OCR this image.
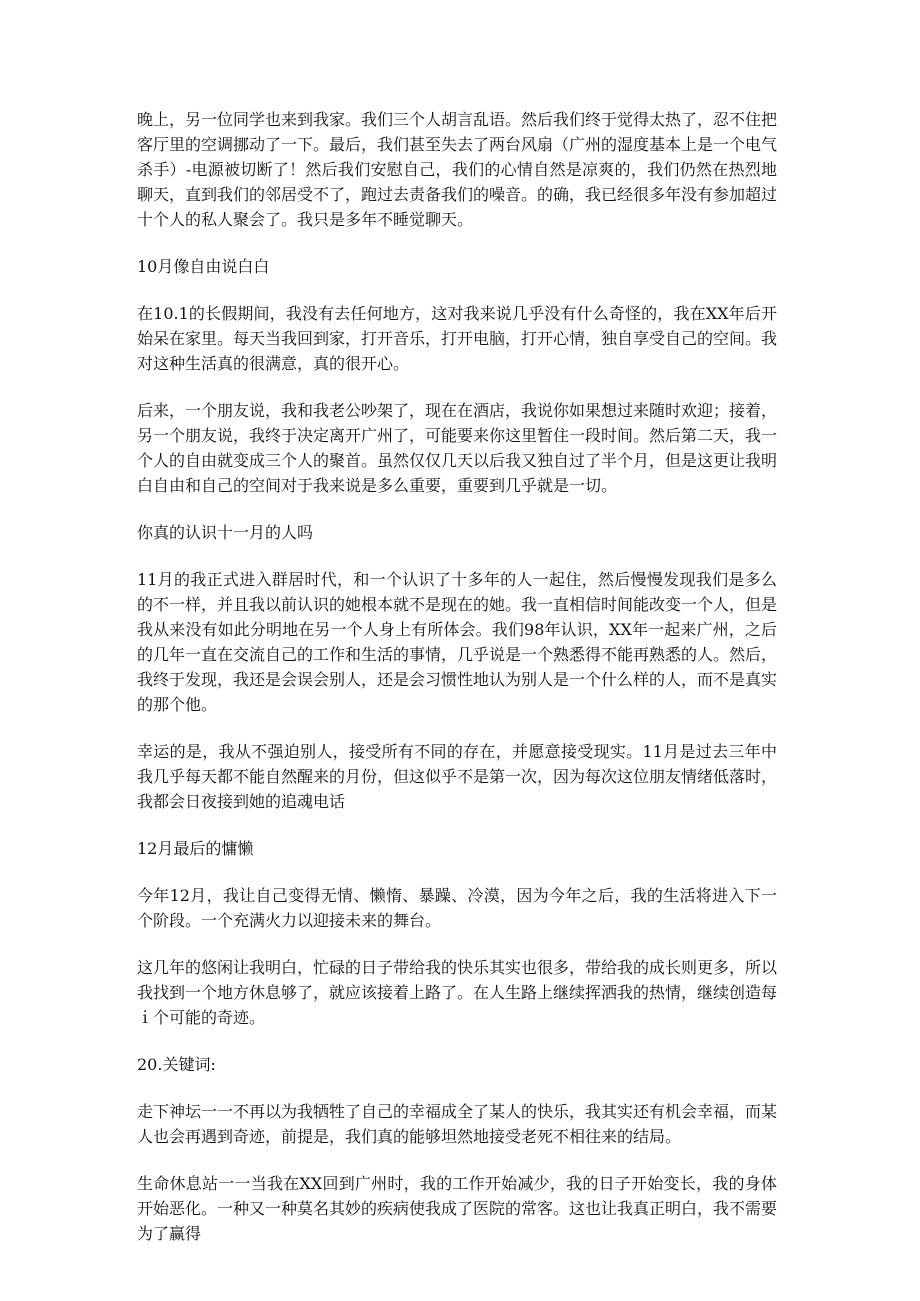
晚上，另一位同学也来到我家。我们三个人胡言乱语。然后我们终于觉得太热了，忍不住把客厅里的空调挪动了一下。最后，我们甚至失去了两台风扇（广州的湿度基本上是一个电气杀手）-电源被切断了！然后我们安慰自己，我们的心情自然是凉爽的，我们仍然在热烈地聊天，直到我们的邻居受不了，跑过去责备我们的噪音。的确，我已经很多年没有参加超过十个人的私人聚会了。我只是多年不睡觉聊天。

10月像自由说白白

在10.1的长假期间，我没有去任何地方，这对我来说几乎没有什么奇怪的，我在XX年后开始呆在家里。每天当我回到家，打开音乐，打开电脑，打开心情，独自享受自己的空间。我对这种生活真的很满意，真的很开心。

后来，一个朋友说，我和我老公吵架了，现在在酒店，我说你如果想过来随时欢迎；接着，另一个朋友说，我终于决定离开广州了，可能要来你这里暂住一段时间。然后第二天，我一个人的自由就变成三个人的聚首。虽然仅仅几天以后我又独自过了半个月，但是这更让我明白自由和自己的空间对于我来说是多么重要，重要到几乎就是一切。

你真的认识十一月的人吗

11月的我正式进入群居时代，和一个认识了十多年的人一起住，然后慢慢发现我们是多么的不一样，并且我以前认识的她根本就不是现在的她。我一直相信时间能改变一个人，但是我从来没有如此分明地在另一个人身上有所体会。我们98年认识，XX年一起来广州，之后的几年一直在交流自己的工作和生活的事情，几乎说是一个熟悉得不能再熟悉的人。然后，我终于发现，我还是会误会别人，还是会习惯性地认为别人是一个什么样的人，而不是真实的那个他。

幸运的是，我从不强迫别人，接受所有不同的存在，并愿意接受现实。11月是过去三年中我几乎每天都不能自然醒来的月份，但这似乎不是第一次，因为每次这位朋友情绪低落时，我都会日夜接到她的追魂电话

12月最后的慵懒

今年12月，我让自己变得无情、懒惰、暴躁、冷漠，因为今年之后，我的生活将进入下一个阶段。一个充满火力以迎接未来的舞台。

这几年的悠闲让我明白，忙碌的日子带给我的快乐其实也很多，带给我的成长则更多，所以我找到一个地方休息够了，就应该接着上路了。在人生路上继续挥洒我的热情，继续创造每ｉ个可能的奇迹。

20.关键词:

走下神坛一一不再以为我牺牲了自己的幸福成全了某人的快乐，我其实还有机会幸福，而某人也会再遇到奇迹，前提是，我们真的能够坦然地接受老死不相往来的结局。

生命休息站一一当我在XX回到广州时，我的工作开始减少，我的日子开始变长，我的身体开始恶化。一种又一种莫名其妙的疾病使我成了医院的常客。这也让我真正明白，我不需要为了赢得
